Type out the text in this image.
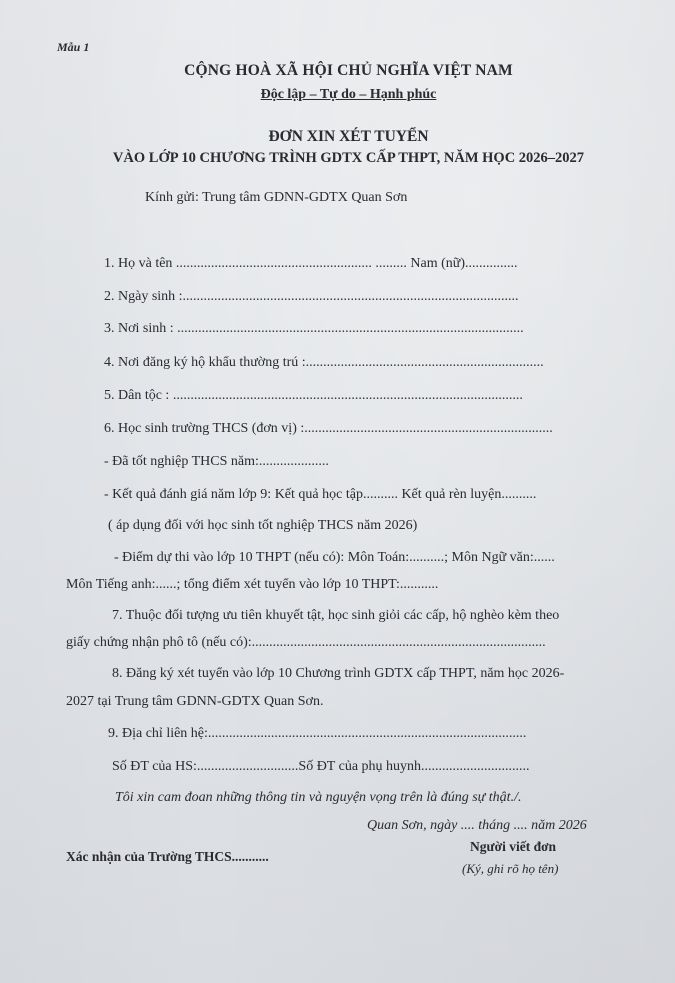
Mẫu 1
CỘNG HOÀ XÃ HỘI CHỦ NGHĨA VIỆT NAM
Độc lập – Tự do – Hạnh phúc
ĐƠN XIN XÉT TUYỂN
VÀO LỚP 10 CHƯƠNG TRÌNH GDTX CẤP THPT, NĂM HỌC 2026–2027
Kính gửi: Trung tâm GDNN-GDTX Quan Sơn
1. Họ và tên ........................................................ ......... Nam (nữ)...............
2. Ngày sinh :................................................................................................
3. Nơi sinh : ...................................................................................................
4. Nơi đăng ký hộ khẩu thường trú :....................................................................
5. Dân tộc : ....................................................................................................
6. Học sinh trường THCS (đơn vị) :.......................................................................
- Đã tốt nghiệp THCS năm:....................
- Kết quả đánh giá năm lớp 9: Kết quả học tập.......... Kết quả rèn luyện..........
( áp dụng đối với học sinh tốt nghiệp THCS năm 2026)
- Điểm dự thi vào lớp 10 THPT (nếu có): Môn Toán:..........; Môn Ngữ văn:......
Môn Tiếng anh:......; tổng điểm xét tuyển vào lớp 10 THPT:...........
7. Thuộc đối tượng ưu tiên khuyết tật, học sinh giỏi các cấp, hộ nghèo kèm theo
giấy chứng nhận phô tô (nếu có):....................................................................................
8. Đăng ký xét tuyển vào lớp 10 Chương trình GDTX cấp THPT, năm học 2026-
2027 tại Trung tâm GDNN-GDTX Quan Sơn.
9. Địa chỉ liên hệ:...........................................................................................
Số ĐT của HS:.............................Số ĐT của phụ huynh...............................
Tôi xin cam đoan những thông tin và nguyện vọng trên là đúng sự thật./.
Quan Sơn, ngày .... tháng .... năm 2026
Xác nhận của Trường THCS...........
Người viết đơn
(Ký, ghi rõ họ tên)
